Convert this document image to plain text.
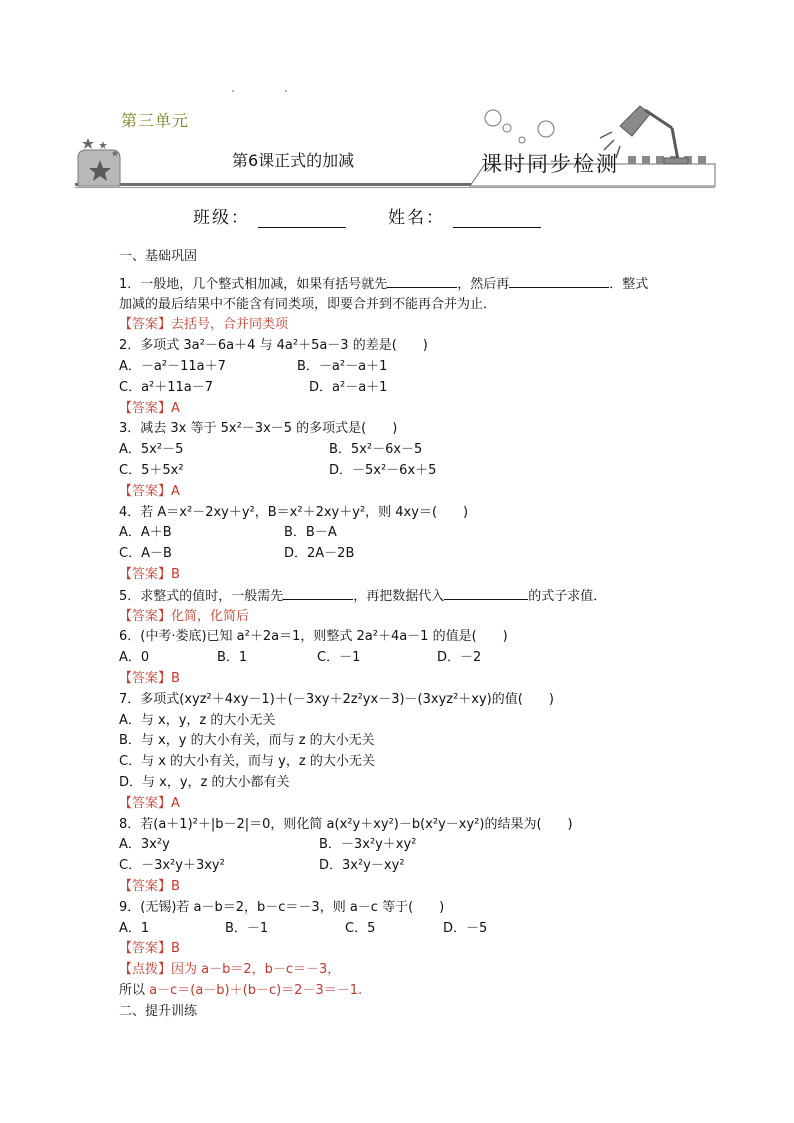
第三单元
第6课正式的加减	课时同步检测
班级：	姓名：
一、基础巩固
1．一般地，几个整式相加减，如果有括号就先	，然后再	．整式
加减的最后结果中不能含有同类项，即要合并到不能再合并为止．
【答案】去括号，合并同类项
2．多项式 3a²－6a＋4 与 4a²＋5a－3 的差是(　　)
A．－a²－11a＋7	B．－a²－a＋1
C．a²＋11a－7	D．a²－a＋1
【答案】A
3．减去 3x 等于 5x²－3x－5 的多项式是(　　)
A．5x²－5	B．5x²－6x－5
C．5＋5x²	D．－5x²－6x＋5
【答案】A
4．若 A＝x²－2xy＋y²，B＝x²＋2xy＋y²，则 4xy＝(　　)
A．A＋B	B．B－A
C．A－B	D．2A－2B
【答案】B
5．求整式的值时，一般需先	，再把数据代入	的式子求值．
【答案】化简，化简后
6．(中考·娄底)已知 a²＋2a＝1，则整式 2a²＋4a－1 的值是(　　)
A．0	B．1	C．－1	D．－2
【答案】B
7．多项式(xyz²＋4xy－1)＋(－3xy＋2z²yx－3)－(3xyz²＋xy)的值(　　)
A．与 x，y，z 的大小无关
B．与 x，y 的大小有关，而与 z 的大小无关
C．与 x 的大小有关，而与 y，z 的大小无关
D．与 x，y，z 的大小都有关
【答案】A
8．若(a＋1)²＋|b－2|＝0，则化简 a(x²y＋xy²)－b(x²y－xy²)的结果为(　　)
A．3x²y	B．－3x²y＋xy²
C．－3x²y＋3xy²	D．3x²y－xy²
【答案】B
9．(无锡)若 a－b＝2，b－c＝－3，则 a－c 等于(　　)
A．1	B．－1	C．5	D．－5
【答案】B
【点拨】因为 a－b＝2，b－c＝－3，
所以 a－c＝(a－b)＋(b－c)＝2－3＝－1.
二、提升训练
